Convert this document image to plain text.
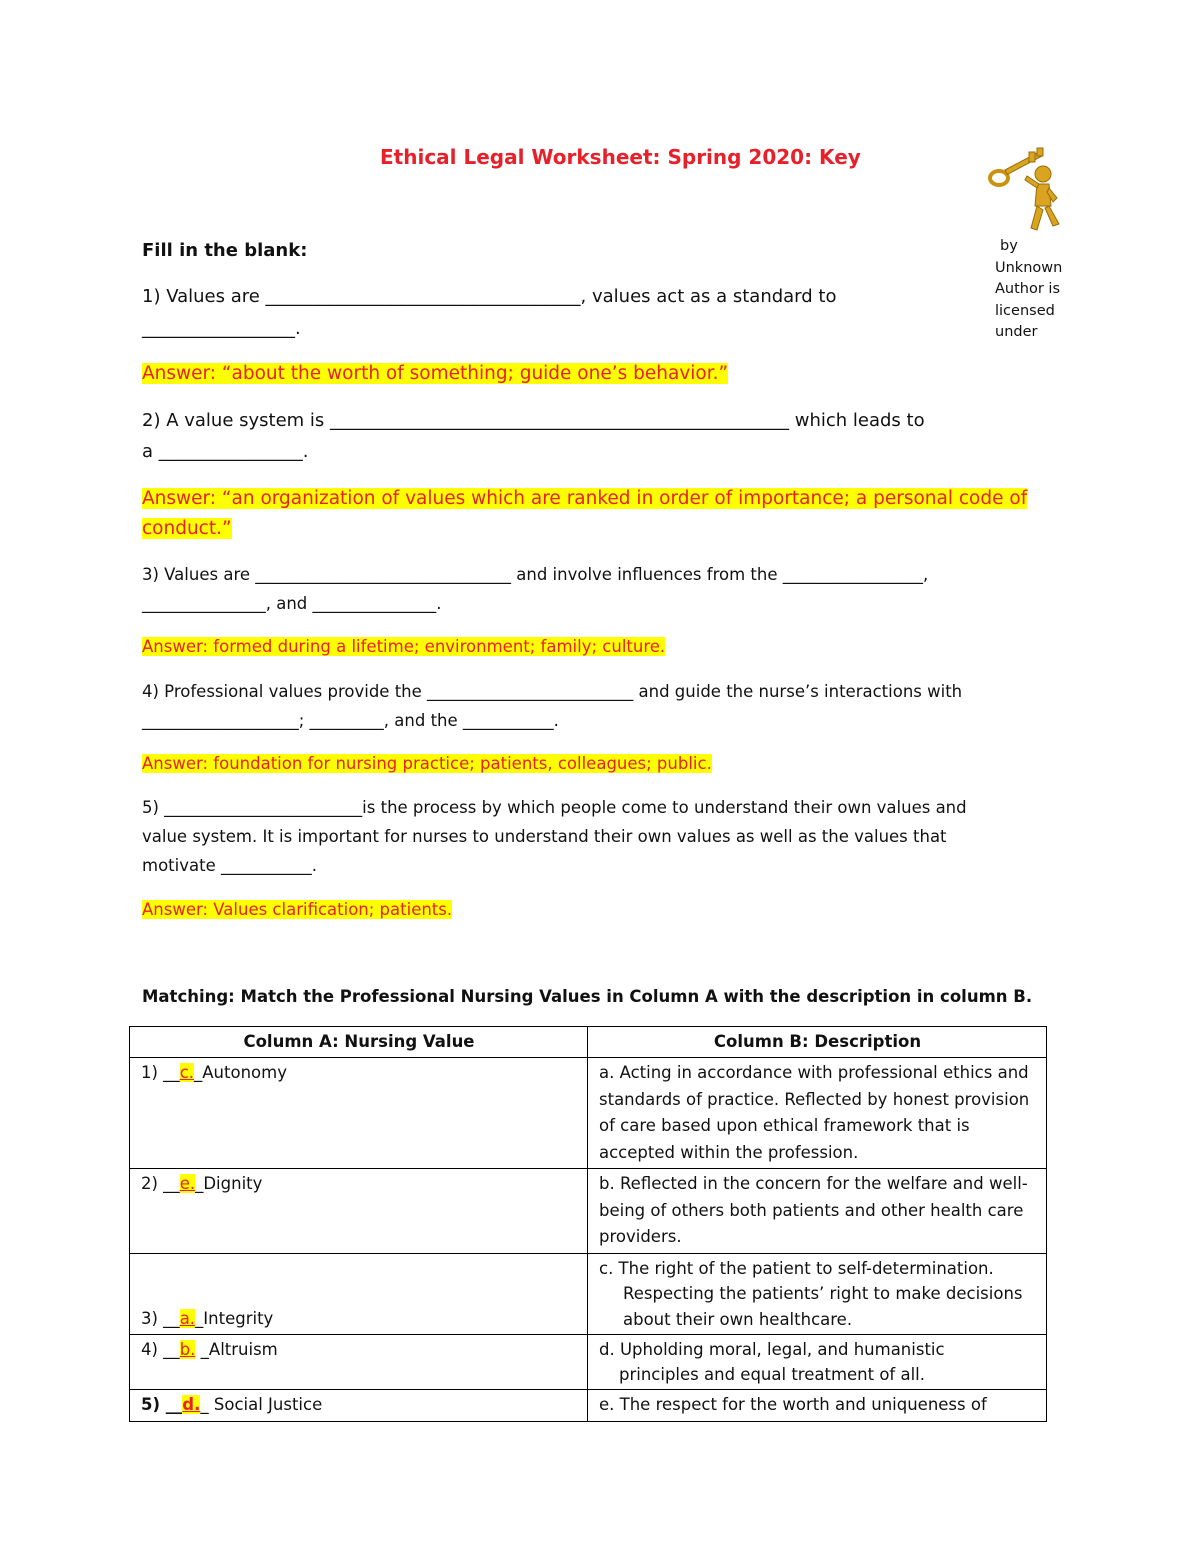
Ethical Legal Worksheet: Spring 2020: Key
by
Unknown
Author is
licensed
under
Fill in the blank:
1) Values are ___________________________________, values act as a standard to
_________________.
Answer: “about the worth of something; guide one’s behavior.”
2) A value system is ___________________________________________________ which leads to
a ________________.
Answer: “an organization of values which are ranked in order of importance; a personal code of
conduct.”
3) Values are _______________________________ and involve influences from the _________________,
_______________, and _______________.
Answer: formed during a lifetime; environment; family; culture.
4) Professional values provide the _________________________ and guide the nurse’s interactions with
___________________; _________, and the ___________.
Answer: foundation for nursing practice; patients, colleagues; public.
5) ________________________is the process by which people come to understand their own values and
value system. It is important for nurses to understand their own values as well as the values that
motivate ___________.
Answer: Values clarification; patients.
Matching: Match the Professional Nursing Values in Column A with the description in column B.
Column A: Nursing Value	Column B: Description
1) __c._Autonomy	a. Acting in accordance with professional ethics and standards of practice. Reflected by honest provision of care based upon ethical framework that is accepted within the profession.
2) __e._Dignity	b. Reflected in the concern for the welfare and well-being of others both patients and other health care providers.
3) __a._Integrity	c. The right of the patient to self-determination.
Respecting the patients’ right to make decisions about their own healthcare.

4) __b. _Altruism	d. Upholding moral, legal, and humanistic
principles and equal treatment of all.

5) __d._ Social Justice	e. The respect for the worth and uniqueness of
